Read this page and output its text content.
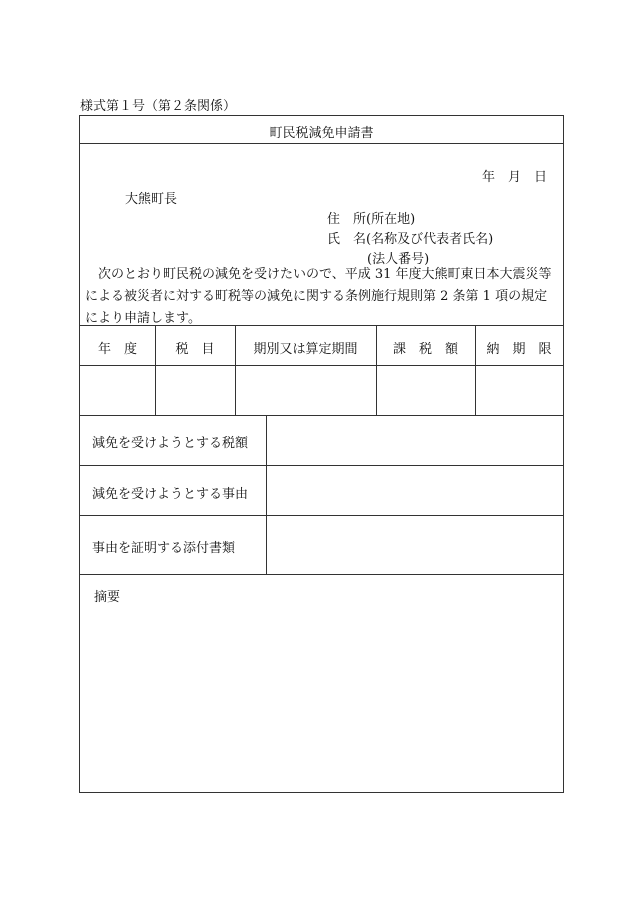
様式第１号（第２条関係）
町民税減免申請書
年　月　日
大熊町長
住　所(所在地)
氏　名(名称及び代表者氏名)
(法人番号)
次のとおり町民税の減免を受けたいので、平成 31 年度大熊町東日本大震災等
による被災者に対する町税等の減免に関する条例施行規則第 2 条第 1 項の規定
により申請します。
年　度	税　目	期別又は算定期間	課　税　額	納　期　限
減免を受けようとする税額
減免を受けようとする事由
事由を証明する添付書類
摘要
